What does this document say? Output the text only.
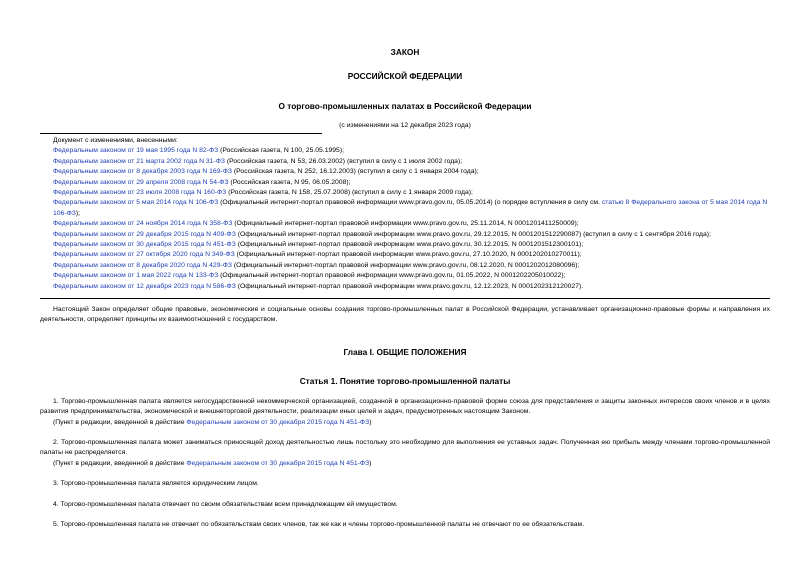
ЗАКОН
РОССИЙСКОЙ ФЕДЕРАЦИИ
О торгово-промышленных палатах в Российской Федерации
(с изменениями на 12 декабря 2023 года)
Документ с изменениями, внесенными:
Федеральным законом от 19 мая 1995 года N 82-ФЗ (Российская газета, N 100, 25.05.1995);
Федеральным законом от 21 марта 2002 года N 31-ФЗ (Российская газета, N 53, 26.03.2002) (вступил в силу с 1 июля 2002 года);
Федеральным законом от 8 декабря 2003 года N 169-ФЗ (Российская газета, N 252, 16.12.2003) (вступил в силу с 1 января 2004 года);
Федеральным законом от 29 апреля 2008 года N 54-ФЗ (Российская газета, N 95, 06.05.2008);
Федеральным законом от 23 июля 2008 года N 160-ФЗ (Российская газета, N 158, 25.07.2008) (вступил в силу с 1 января 2009 года);
Федеральным законом от 5 мая 2014 года N 106-ФЗ (Официальный интернет-портал правовой информации www.pravo.gov.ru, 05.05.2014) (о порядке вступления в силу см. статью 8 Федерального закона от 5 мая 2014 года N 106-ФЗ);
Федеральным законом от 24 ноября 2014 года N 358-ФЗ (Официальный интернет-портал правовой информации www.pravo.gov.ru, 25.11.2014, N 0001201411250009);
Федеральным законом от 29 декабря 2015 года N 409-ФЗ (Официальный интернет-портал правовой информации www.pravo.gov.ru, 29.12.2015, N 0001201512290087) (вступил в силу с 1 сентября 2016 года);
Федеральным законом от 30 декабря 2015 года N 451-ФЗ (Официальный интернет-портал правовой информации www.pravo.gov.ru, 30.12.2015, N 0001201512300101);
Федеральным законом от 27 октября 2020 года N 349-ФЗ (Официальный интернет-портал правовой информации www.pravo.gov.ru, 27.10.2020, N 0001202010270011);
Федеральным законом от 8 декабря 2020 года N 429-ФЗ (Официальный интернет-портал правовой информации www.pravo.gov.ru, 08.12.2020, N 0001202012080096);
Федеральным законом от 1 мая 2022 года N 133-ФЗ (Официальный интернет-портал правовой информации www.pravo.gov.ru, 01.05.2022, N 0001202205010022);
Федеральным законом от 12 декабря 2023 года N 586-ФЗ (Официальный интернет-портал правовой информации www.pravo.gov.ru, 12.12.2023, N 0001202312120027).
Настоящий Закон определяет общие правовые, экономические и социальные основы создания торгово-промышленных палат в Российской Федерации, устанавливает организационно-правовые формы и направления их деятельности, определяет принципы их взаимоотношений с государством.
Глава I. ОБЩИЕ ПОЛОЖЕНИЯ
Статья 1. Понятие торгово-промышленной палаты
1. Торгово-промышленная палата является негосударственной некоммерческой организацией, созданной в организационно-правовой форме союза для представления и защиты законных интересов своих членов и в целях развития предпринимательства, экономической и внешнеторговой деятельности, реализации иных целей и задач, предусмотренных настоящим Законом.
(Пункт в редакции, введенной в действие Федеральным законом от 30 декабря 2015 года N 451-ФЗ)
2. Торгово-промышленная палата может заниматься приносящей доход деятельностью лишь постольку это необходимо для выполнения ее уставных задач. Полученная ею прибыль между членами торгово-промышленной палаты не распределяется.
(Пункт в редакции, введенной в действие Федеральным законом от 30 декабря 2015 года N 451-ФЗ)
3. Торгово-промышленная палата является юридическим лицом.
4. Торгово-промышленная палата отвечает по своим обязательствам всем принадлежащим ей имуществом.
5. Торгово-промышленная палата не отвечает по обязательствам своих членов, так же как и члены торгово-промышленной палаты не отвечают по ее обязательствам.
